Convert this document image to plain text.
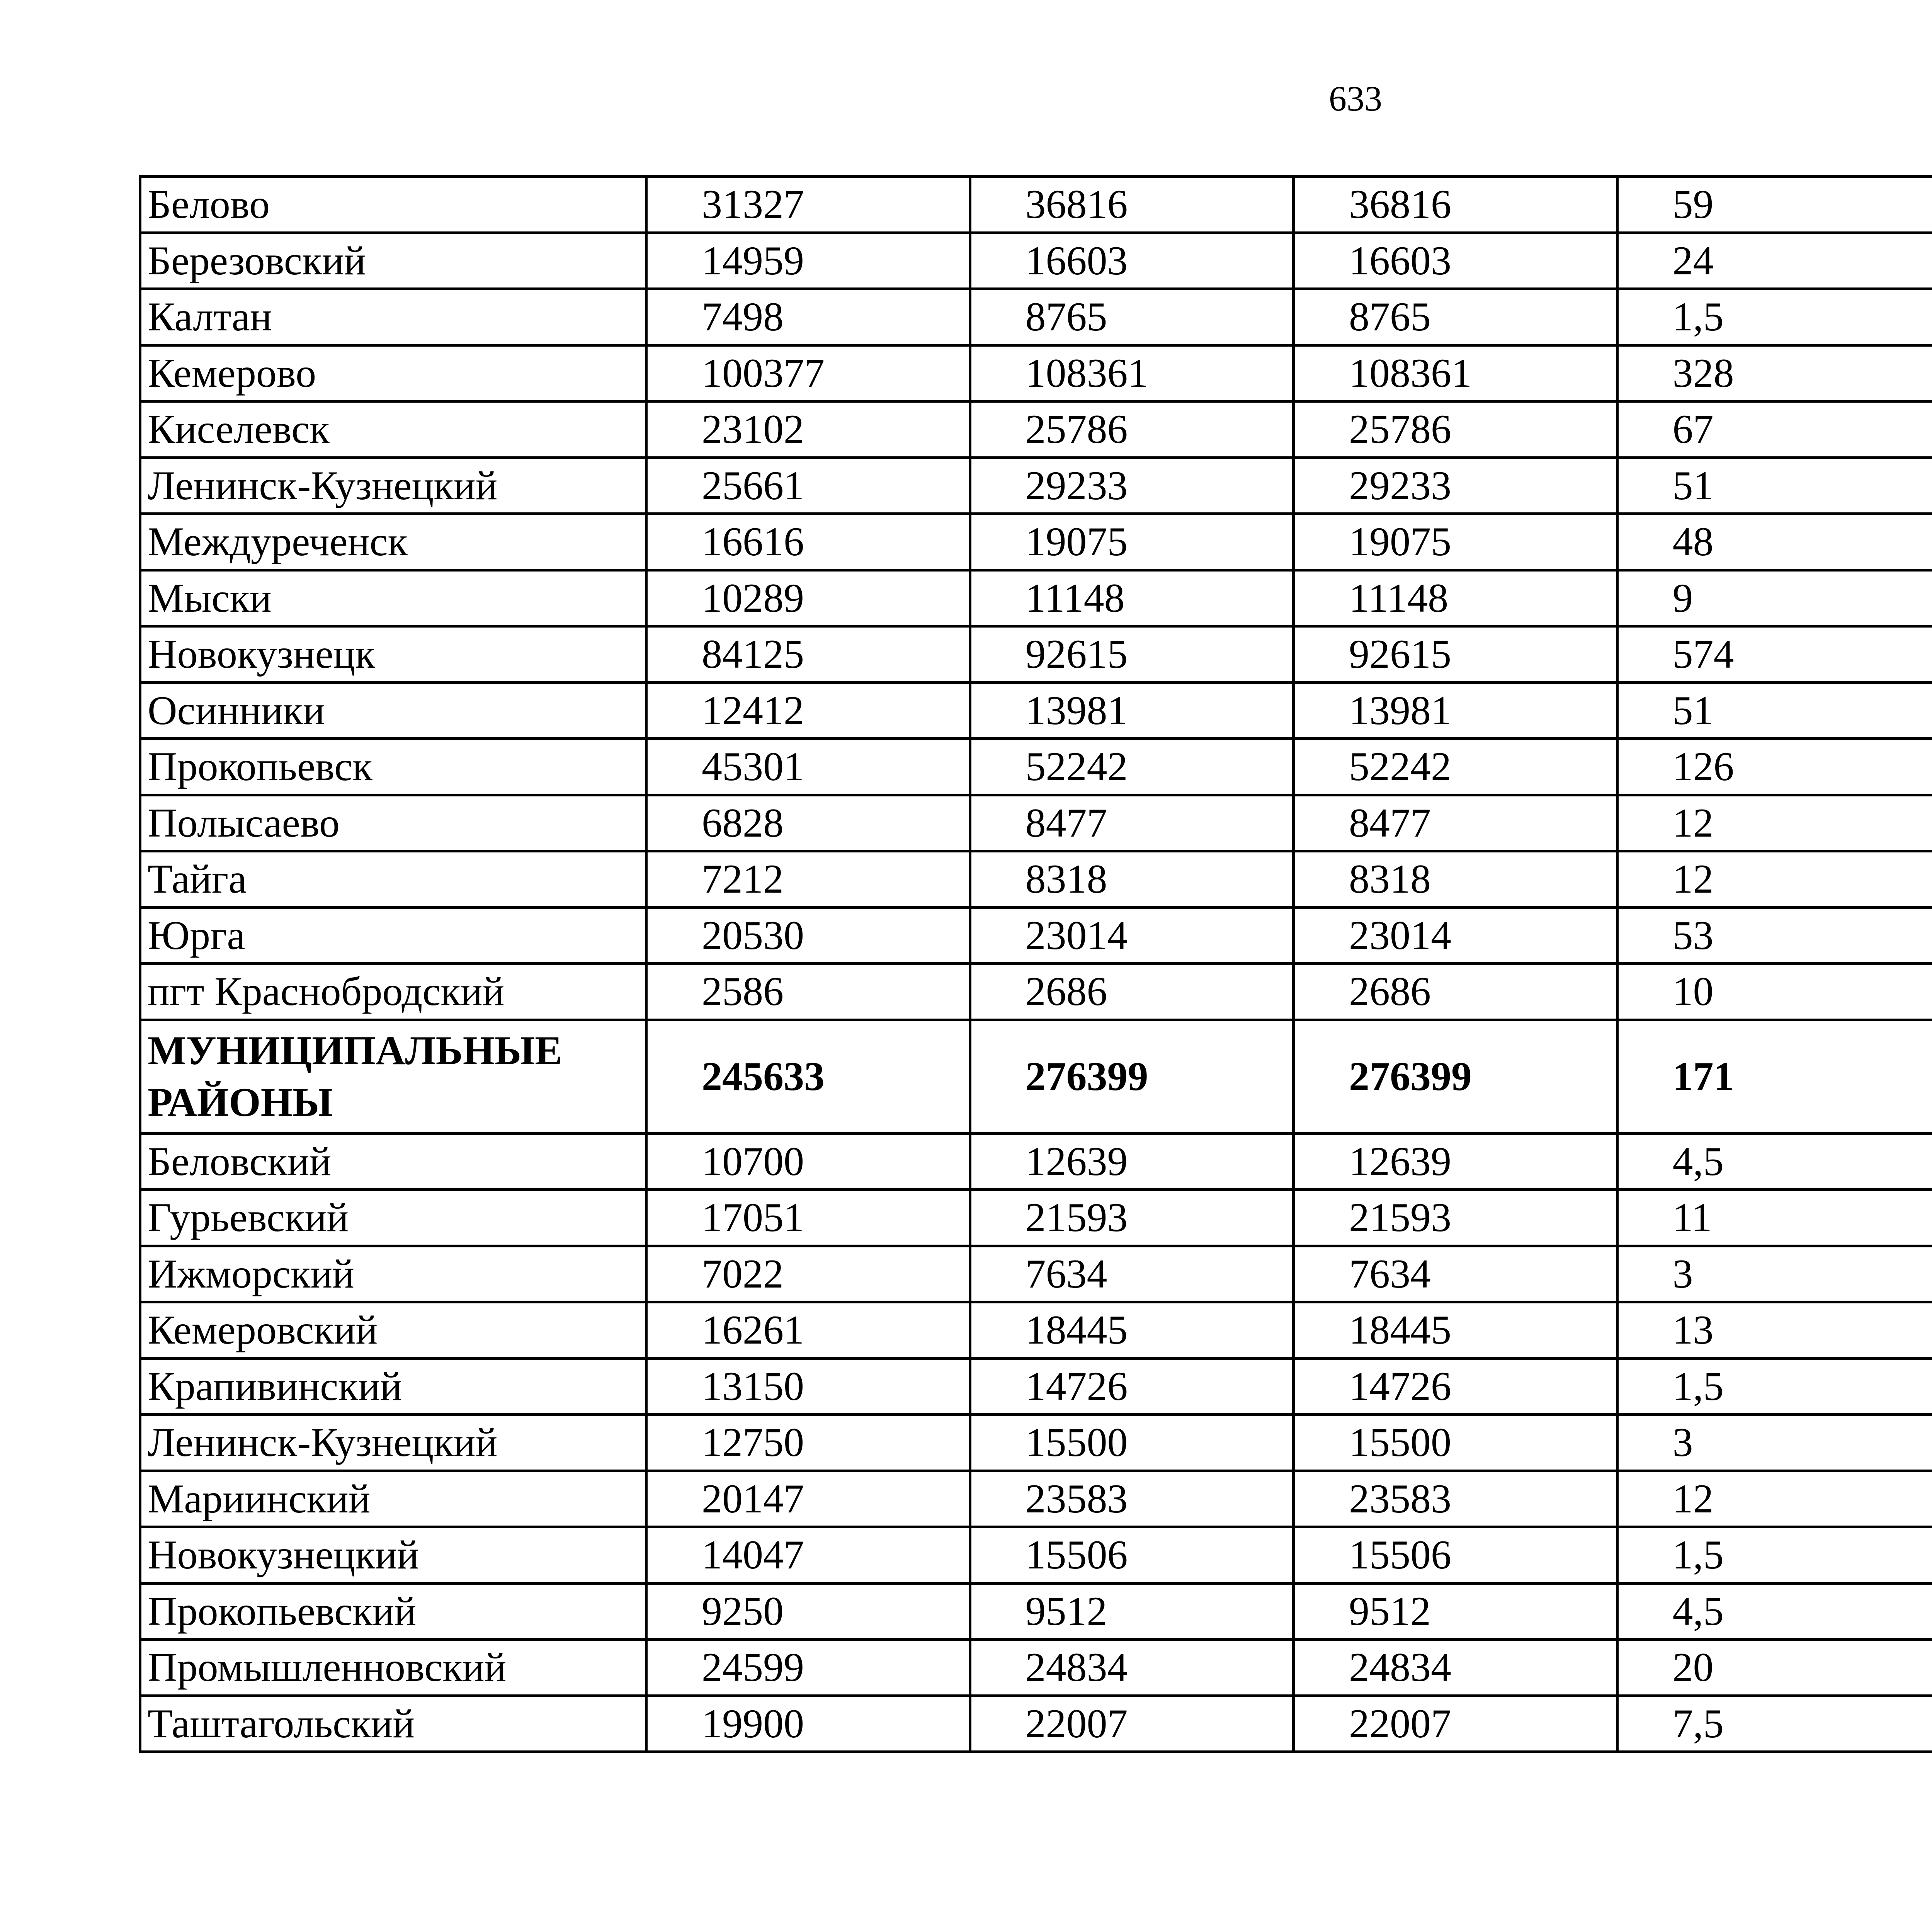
633
Белово	31327	36816	36816	59		
Березовский	14959	16603	16603	24		
Калтан	7498	8765	8765	1,5		
Кемерово	100377	108361	108361	328		
Киселевск	23102	25786	25786	67		
Ленинск-Кузнецкий	25661	29233	29233	51		
Междуреченск	16616	19075	19075	48		
Мыски	10289	11148	11148	9		
Новокузнецк	84125	92615	92615	574		
Осинники	12412	13981	13981	51		
Прокопьевск	45301	52242	52242	126		
Полысаево	6828	8477	8477	12		
Тайга	7212	8318	8318	12		
Юрга	20530	23014	23014	53		
пгт Краснобродский	2586	2686	2686	10		
МУНИЦИПАЛЬНЫЕ РАЙОНЫ	245633	276399	276399	171		
Беловский	10700	12639	12639	4,5		
Гурьевский	17051	21593	21593	11		
Ижморский	7022	7634	7634	3		
Кемеровский	16261	18445	18445	13		
Крапивинский	13150	14726	14726	1,5		
Ленинск-Кузнецкий	12750	15500	15500	3		
Мариинский	20147	23583	23583	12		
Новокузнецкий	14047	15506	15506	1,5		
Прокопьевский	9250	9512	9512	4,5		
Промышленновский	24599	24834	24834	20		
Таштагольский	19900	22007	22007	7,5		
